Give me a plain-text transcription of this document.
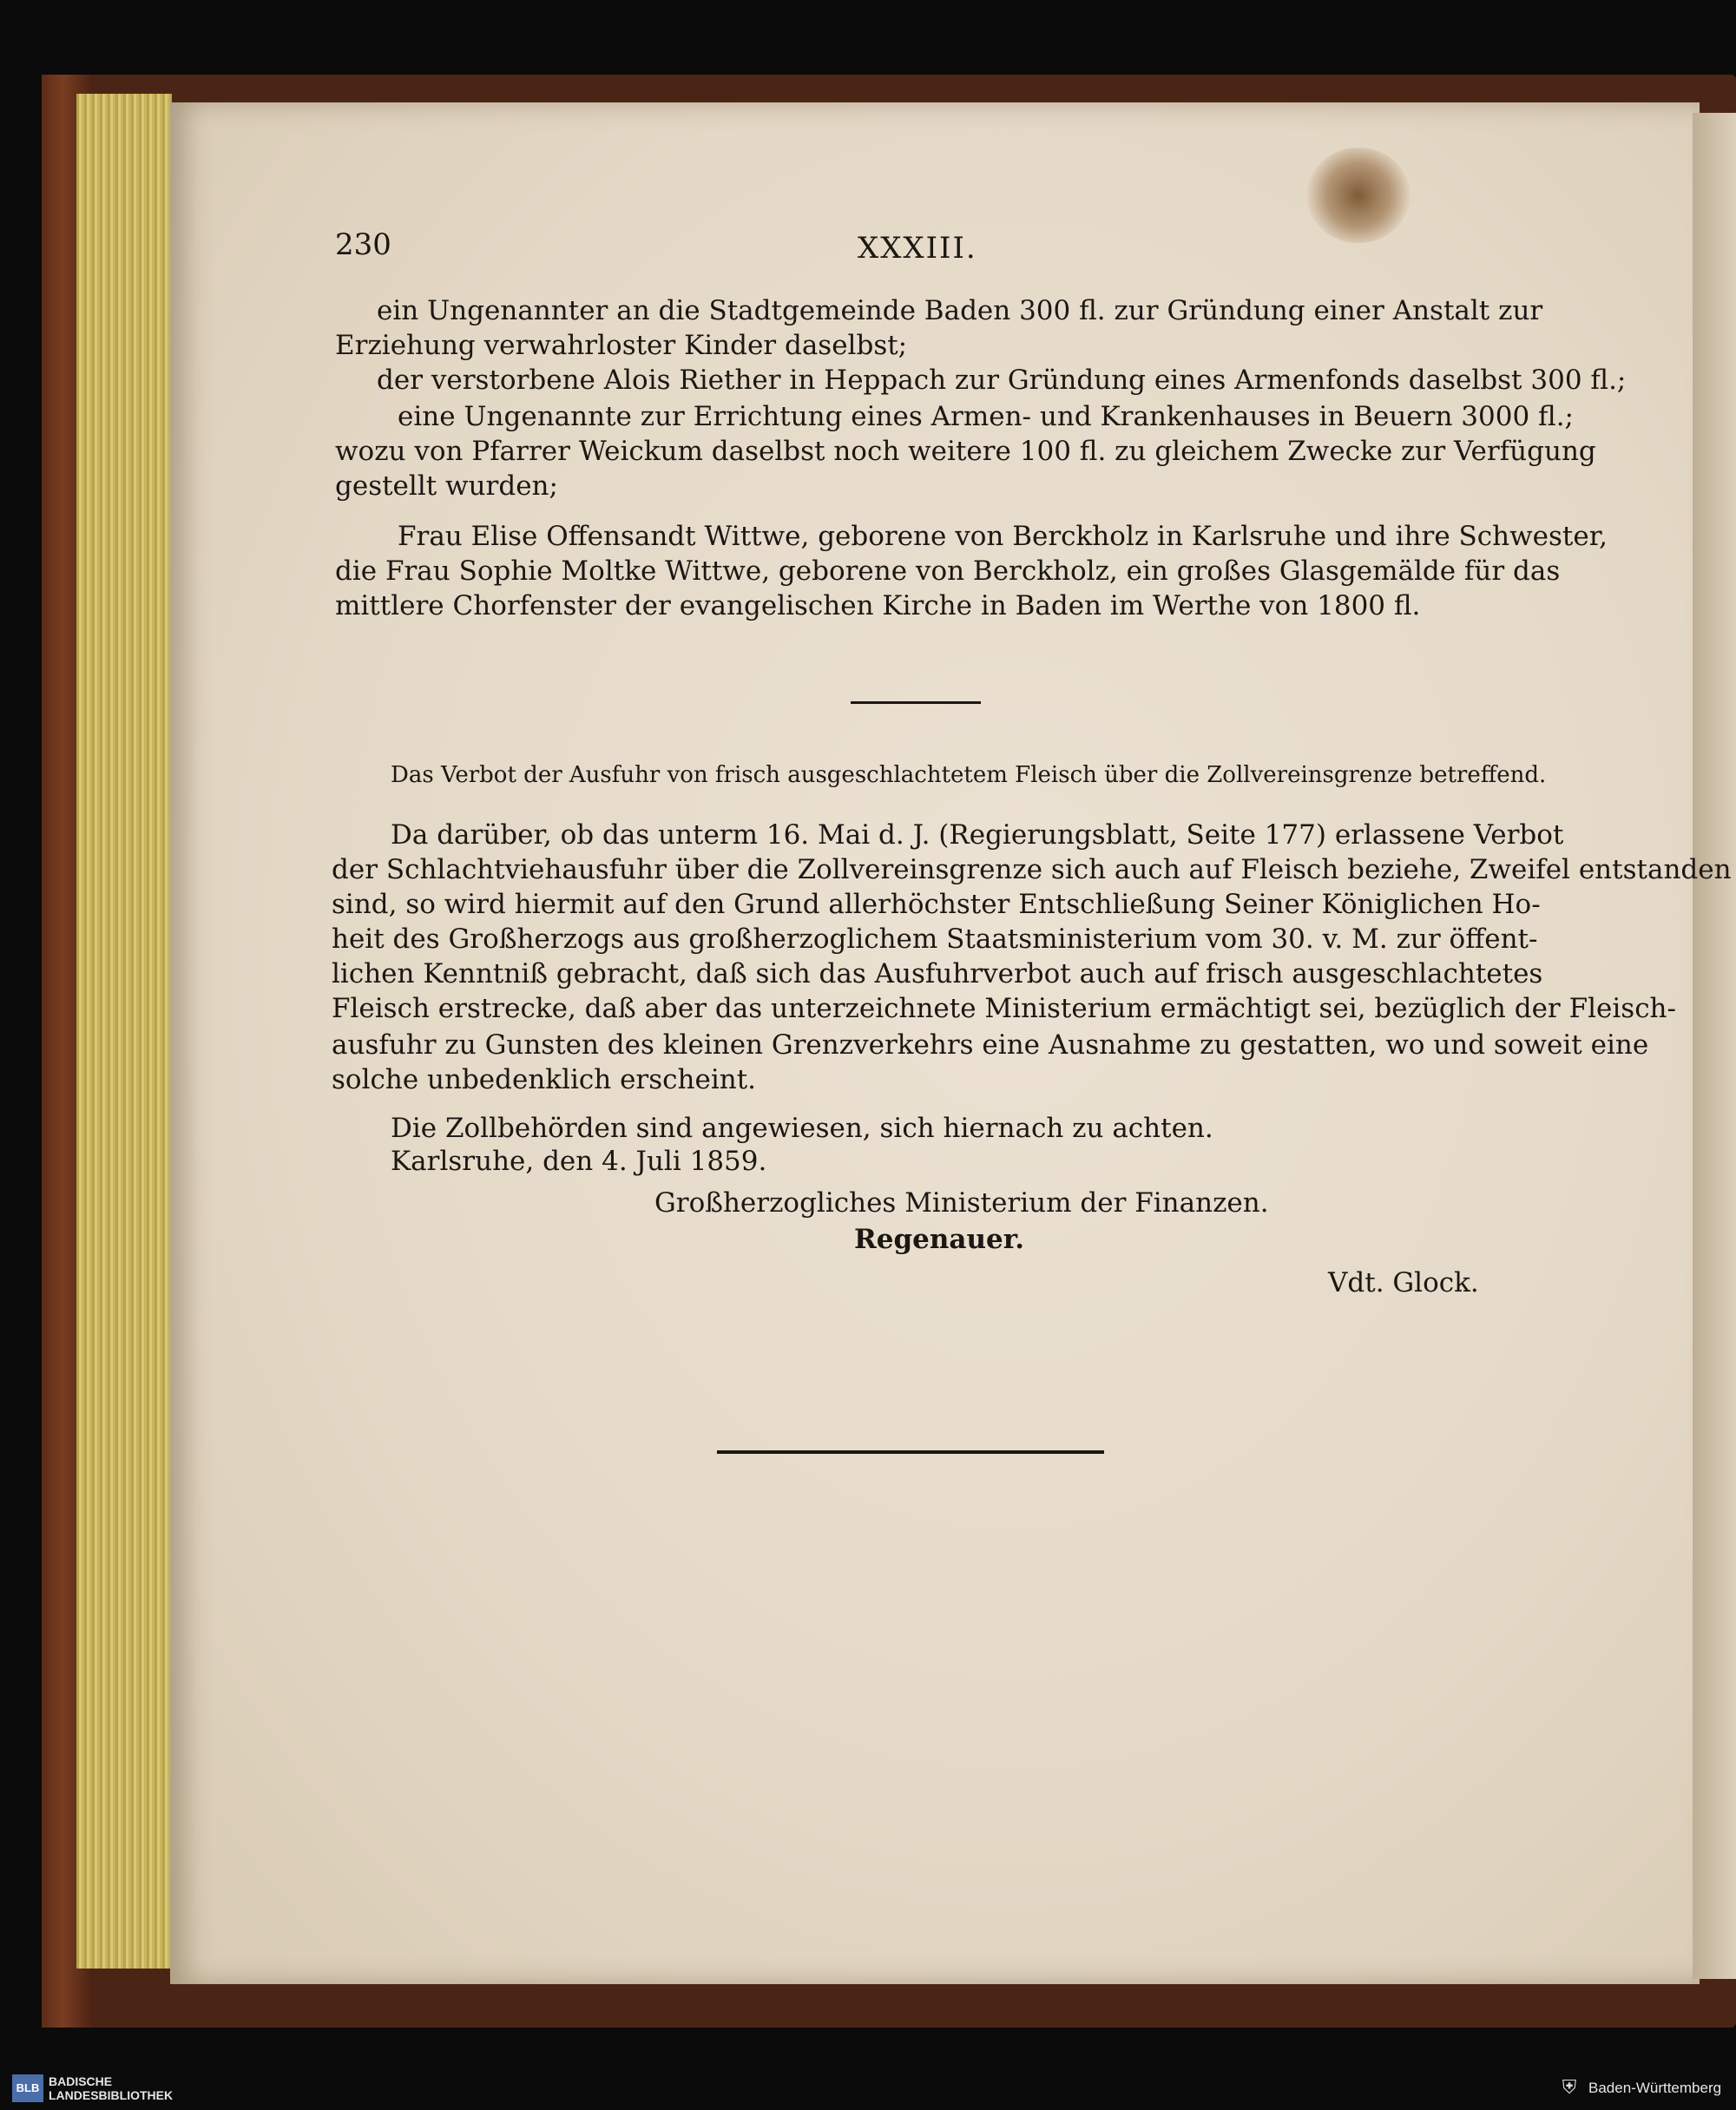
230	XXXIII.
ein Ungenannter an die Stadtgemeinde Baden 300 fl. zur Gründung einer Anstalt zur
Erziehung verwahrloster Kinder daselbst;
der verstorbene Alois Riether in Heppach zur Gründung eines Armenfonds daselbst 300 fl.;
eine Ungenannte zur Errichtung eines Armen- und Krankenhauses in Beuern 3000 fl.;
wozu von Pfarrer Weickum daselbst noch weitere 100 fl. zu gleichem Zwecke zur Verfügung
gestellt wurden;
Frau Elise Offensandt Wittwe, geborene von Berckholz in Karlsruhe und ihre Schwester,
die Frau Sophie Moltke Wittwe, geborene von Berckholz, ein großes Glasgemälde für das
mittlere Chorfenster der evangelischen Kirche in Baden im Werthe von 1800 fl.
Das Verbot der Ausfuhr von frisch ausgeschlachtetem Fleisch über die Zollvereinsgrenze betreffend.
Da darüber, ob das unterm 16. Mai d. J. (Regierungsblatt, Seite 177) erlassene Verbot
der Schlachtviehausfuhr über die Zollvereinsgrenze sich auch auf Fleisch beziehe, Zweifel entstanden
sind, so wird hiermit auf den Grund allerhöchster Entschließung Seiner Königlichen Ho-
heit des Großherzogs aus großherzoglichem Staatsministerium vom 30. v. M. zur öffent-
lichen Kenntniß gebracht, daß sich das Ausfuhrverbot auch auf frisch ausgeschlachtetes
Fleisch erstrecke, daß aber das unterzeichnete Ministerium ermächtigt sei, bezüglich der Fleisch-
ausfuhr zu Gunsten des kleinen Grenzverkehrs eine Ausnahme zu gestatten, wo und soweit eine
solche unbedenklich erscheint.
Die Zollbehörden sind angewiesen, sich hiernach zu achten.
Karlsruhe, den 4. Juli 1859.
Großherzogliches Ministerium der Finanzen.
Regenauer.
Vdt. Glock.
BLB BADISCHE
LANDESBIBLIOTHEK	⛨ Baden-Württemberg
